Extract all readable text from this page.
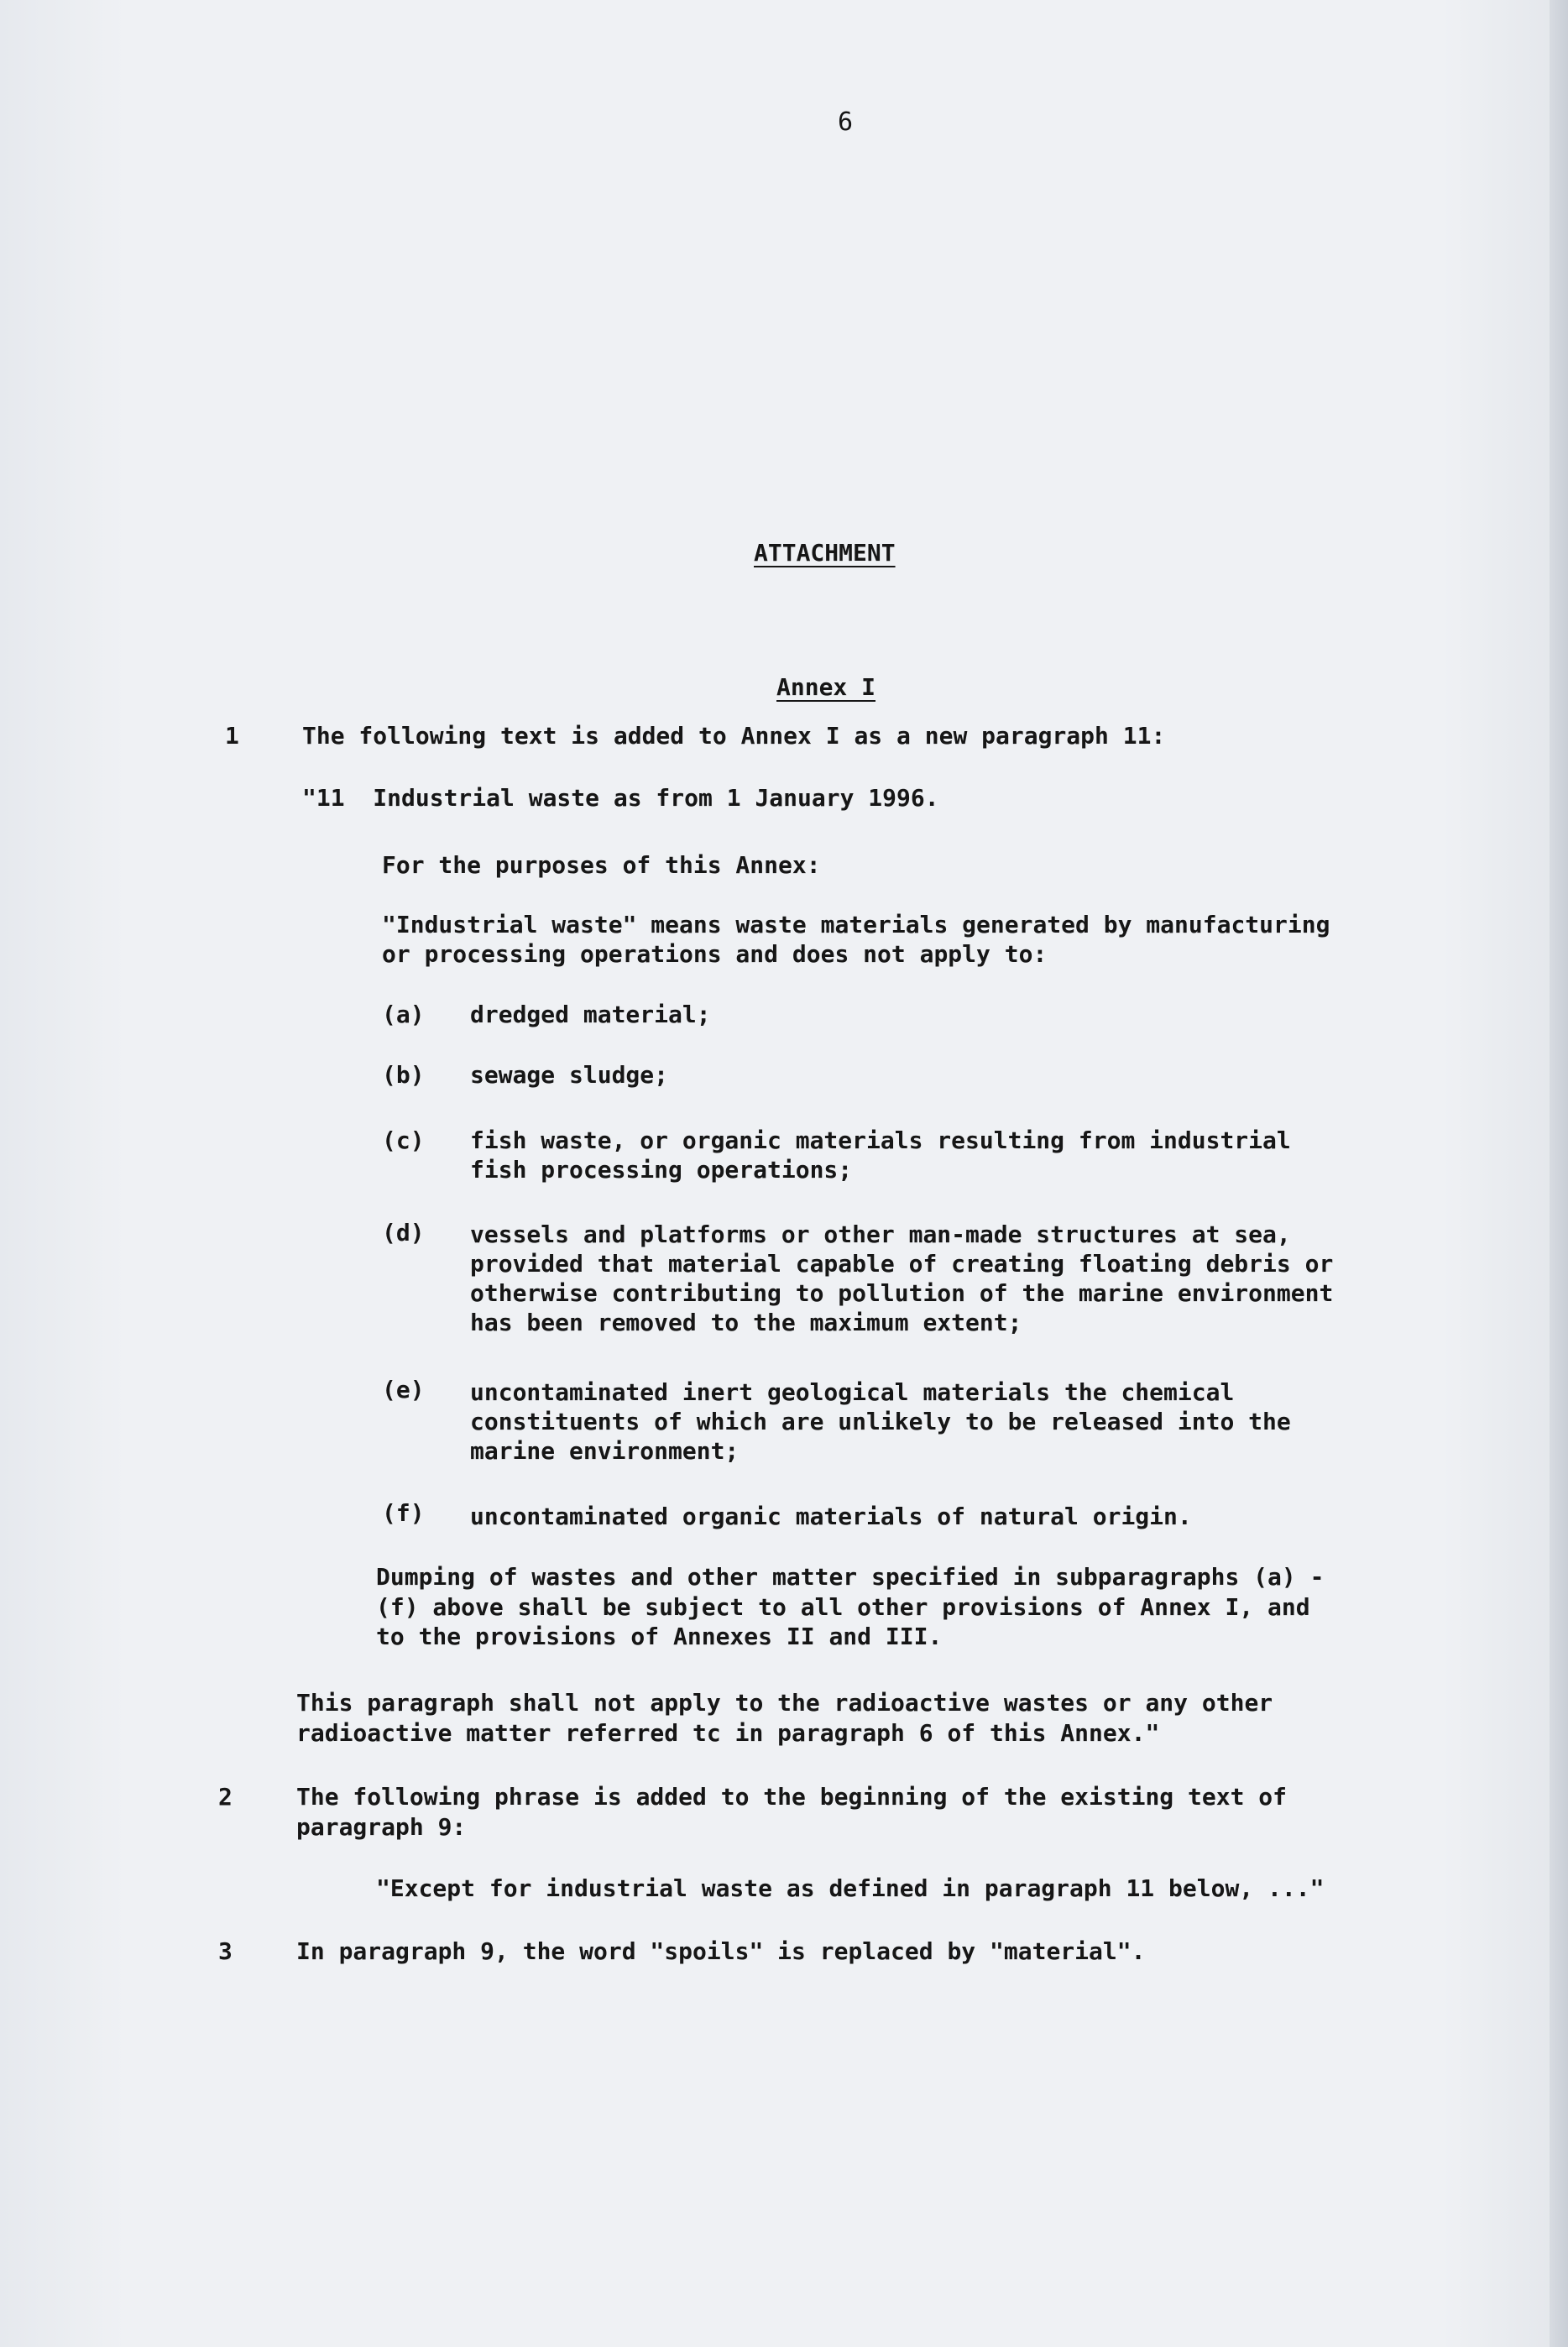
6
ATTACHMENT
Annex I
1	The following text is added to Annex I as a new paragraph 11:
"11  Industrial waste as from 1 January 1996.
For the purposes of this Annex:
"Industrial waste" means waste materials generated by manufacturing
or processing operations and does not apply to:
(a) dredged material;
(b) sewage sludge;
(c) fish waste, or organic materials resulting from industrial
fish processing operations;
(d) vessels and platforms or other man-made structures at sea,
provided that material capable of creating floating debris or
otherwise contributing to pollution of the marine environment
has been removed to the maximum extent;
(e) uncontaminated inert geological materials the chemical
constituents of which are unlikely to be released into the
marine environment;
(f) uncontaminated organic materials of natural origin.
Dumping of wastes and other matter specified in subparagraphs (a) -
(f) above shall be subject to all other provisions of Annex I, and
to the provisions of Annexes II and III.
This paragraph shall not apply to the radioactive wastes or any other
radioactive matter referred tc in paragraph 6 of this Annex."
2	The following phrase is added to the beginning of the existing text of
paragraph 9:
"Except for industrial waste as defined in paragraph 11 below, ..."
3	In paragraph 9, the word "spoils" is replaced by "material".
